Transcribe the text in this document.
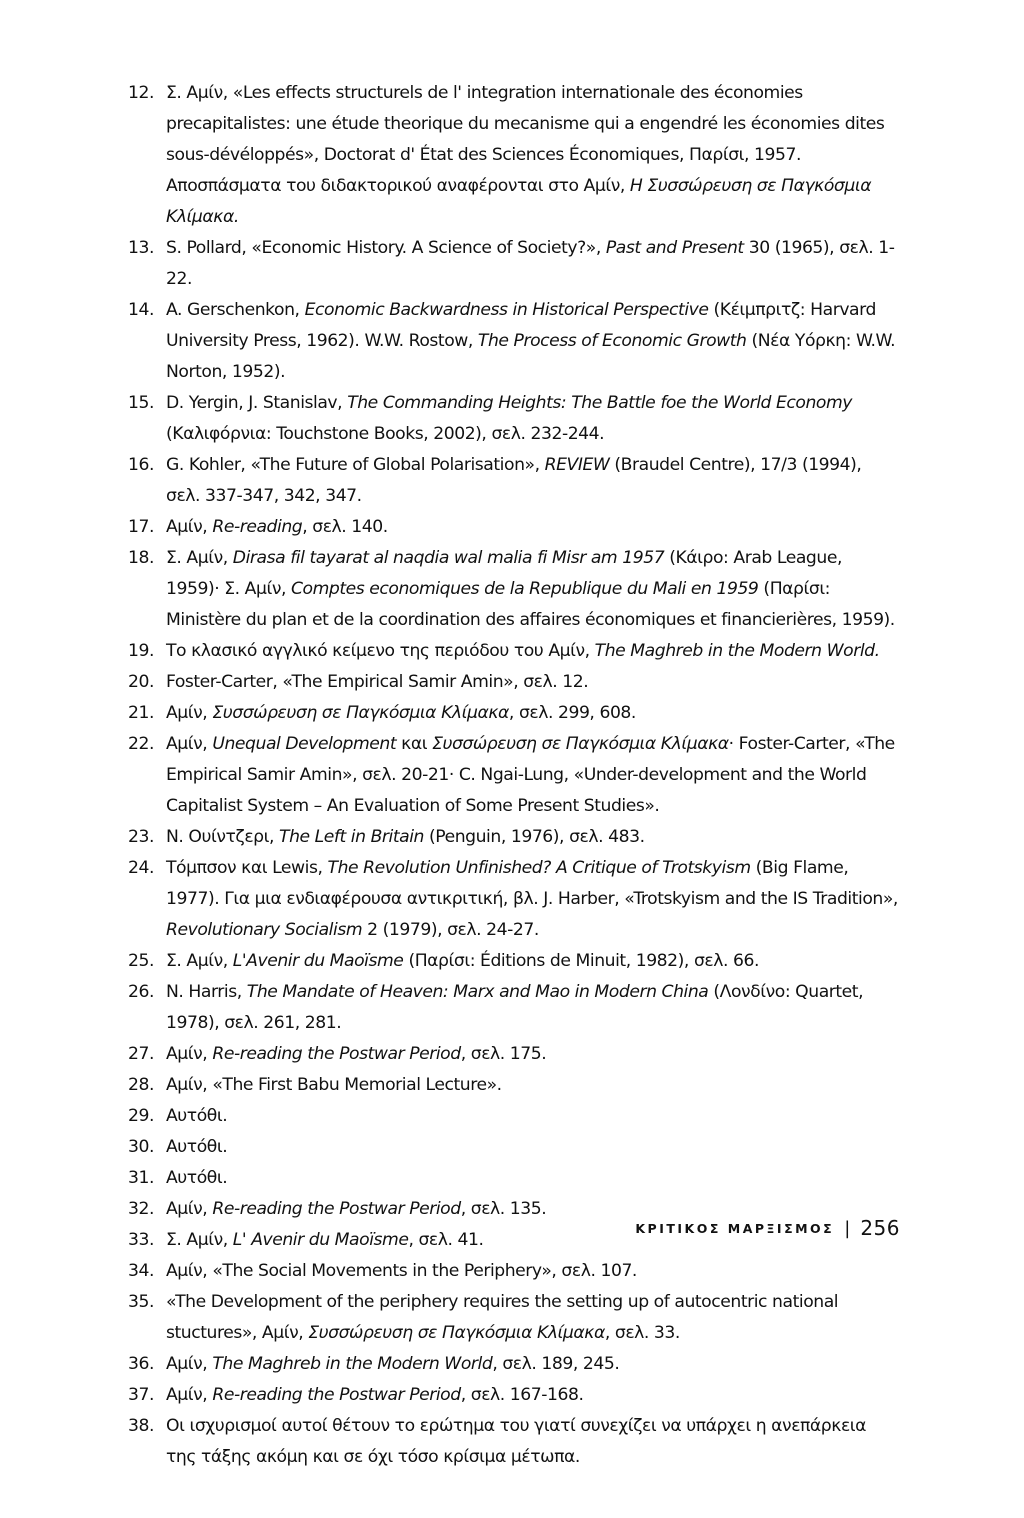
12. Σ. Αμίν, «Les effects structurels de l' integration internationale des économies precapitalistes: une étude theorique du mecanisme qui a engendré les économies dites sous-dévéloppés», Doctorat d' État des Sciences Économiques, Παρίσι, 1957. Αποσπάσματα του διδακτορικού αναφέρονται στο Αμίν, Η Συσσώρευση σε Παγκόσμια Κλίμακα.
13. S. Pollard, «Economic History. A Science of Society?», Past and Present 30 (1965), σελ. 1-22.
14. A. Gerschenkon, Economic Backwardness in Historical Perspective (Κέιμπριτζ: Harvard University Press, 1962). W.W. Rostow, The Process of Economic Growth (Νέα Υόρκη: W.W. Norton, 1952).
15. D. Yergin, J. Stanislav, The Commanding Heights: The Battle foe the World Economy (Καλιφόρνια: Touchstone Books, 2002), σελ. 232-244.
16. G. Kohler, «The Future of Global Polarisation», REVIEW (Braudel Centre), 17/3 (1994), σελ. 337-347, 342, 347.
17. Αμίν, Re-reading, σελ. 140.
18. Σ. Αμίν, Dirasa fil tayarat al naqdia wal malia fi Misr am 1957 (Κάιρο: Arab League, 1959)· Σ. Αμίν, Comptes economiques de la Republique du Mali en 1959 (Παρίσι: Ministère du plan et de la coordination des affaires économiques et financierières, 1959).
19. Το κλασικό αγγλικό κείμενο της περιόδου του Αμίν, The Maghreb in the Modern World.
20. Foster-Carter, «The Empirical Samir Amin», σελ. 12.
21. Αμίν, Συσσώρευση σε Παγκόσμια Κλίμακα, σελ. 299, 608.
22. Αμίν, Unequal Development και Συσσώρευση σε Παγκόσμια Κλίμακα· Foster-Carter, «The Empirical Samir Amin», σελ. 20-21· C. Ngai-Lung, «Under-development and the World Capitalist System – An Evaluation of Some Present Studies».
23. Ν. Ουίντζερι, The Left in Britain (Penguin, 1976), σελ. 483.
24. Τόμπσον και Lewis, The Revolution Unfinished? A Critique of Trotskyism (Big Flame, 1977). Για μια ενδιαφέρουσα αντικριτική, βλ. J. Harber, «Trotskyism and the IS Tradition», Revolutionary Socialism 2 (1979), σελ. 24-27.
25. Σ. Αμίν, L'Avenir du Maoïsme (Παρίσι: Éditions de Minuit, 1982), σελ. 66.
26. N. Harris, The Mandate of Heaven: Marx and Mao in Modern China (Λονδίνο: Quartet, 1978), σελ. 261, 281.
27. Αμίν, Re-reading the Postwar Period, σελ. 175.
28. Αμίν, «The First Babu Memorial Lecture».
29. Αυτόθι.
30. Αυτόθι.
31. Αυτόθι.
32. Αμίν, Re-reading the Postwar Period, σελ. 135.
33. Σ. Αμίν, L' Avenir du Maoïsme, σελ. 41.
34. Αμίν, «The Social Movements in the Periphery», σελ. 107.
35. «The Development of the periphery requires the setting up of autocentric national stuctures», Αμίν, Συσσώρευση σε Παγκόσμια Κλίμακα, σελ. 33.
36. Αμίν, The Maghreb in the Modern World, σελ. 189, 245.
37. Αμίν, Re-reading the Postwar Period, σελ. 167-168.
38. Οι ισχυρισμοί αυτοί θέτουν το ερώτημα του γιατί συνεχίζει να υπάρχει η ανεπάρκεια της τάξης ακόμη και σε όχι τόσο κρίσιμα μέτωπα.
ΚΡΙΤΙΚΟΣ ΜΑΡΞΙΣΜΟΣ | 256
